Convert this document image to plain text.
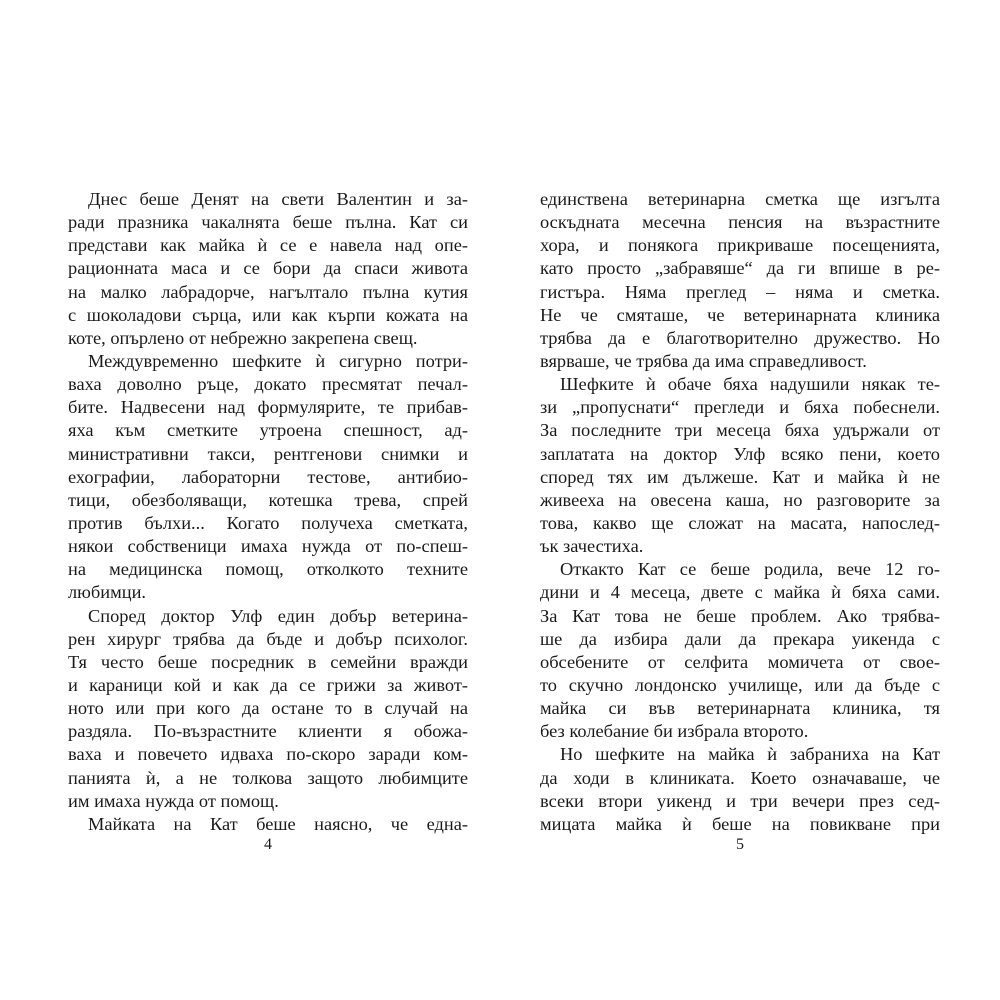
Днес беше Денят на свети Валентин и за-
ради празника чакалнята беше пълна. Кат си
представи как майка ѝ се е навела над опе-
рационната маса и се бори да спаси живота
на малко лабрадорче, нагълтало пълна кутия
с шоколадови сърца, или как кърпи кожата на
коте, опърлено от небрежно закрепена свещ.
Междувременно шефките ѝ сигурно потри-
ваха доволно ръце, докато пресмятат печал-
бите. Надвесени над формулярите, те прибав-
яха към сметките утроена спешност, ад-
министративни такси, рентгенови снимки и
ехографии, лабораторни тестове, антибио-
тици, обезболяващи, котешка трева, спрей
против бълхи... Когато получеха сметката,
някои собственици имаха нужда от по-спеш-
на медицинска помощ, отколкото техните
любимци.
Според доктор Улф един добър ветерина-
рен хирург трябва да бъде и добър психолог.
Тя често беше посредник в семейни вражди
и караници кой и как да се грижи за живот-
ното или при кого да остане то в случай на
раздяла. По-възрастните клиенти я обожа-
ваха и повечето идваха по-скоро заради ком-
панията ѝ, а не толкова защото любимците
им имаха нужда от помощ.
Майката на Кат беше наясно, че една-
4
единствена ветеринарна сметка ще изгълта
оскъдната месечна пенсия на възрастните
хора, и понякога прикриваше посещенията,
като просто „забравяше“ да ги впише в ре-
гистъра. Няма преглед – няма и сметка.
Не че смяташе, че ветеринарната клиника
трябва да е благотворително дружество. Но
вярваше, че трябва да има справедливост.
Шефките ѝ обаче бяха надушили някак те-
зи „пропуснати“ прегледи и бяха побеснели.
За последните три месеца бяха удържали от
заплатата на доктор Улф всяко пени, което
според тях им дължеше. Кат и майка ѝ не
живееха на овесена каша, но разговорите за
това, какво ще сложат на масата, напослед-
ък зачестиха.
Откакто Кат се беше родила, вече 12 го-
дини и 4 месеца, двете с майка ѝ бяха сами.
За Кат това не беше проблем. Ако трябва-
ше да избира дали да прекара уикенда с
обсебените от селфита момичета от свое-
то скучно лондонско училище, или да бъде с
майка си във ветеринарната клиника, тя
без колебание би избрала второто.
Но шефките на майка ѝ забраниха на Кат
да ходи в клиниката. Което означаваше, че
всеки втори уикенд и три вечери през сед-
мицата майка ѝ беше на повикване при
5
